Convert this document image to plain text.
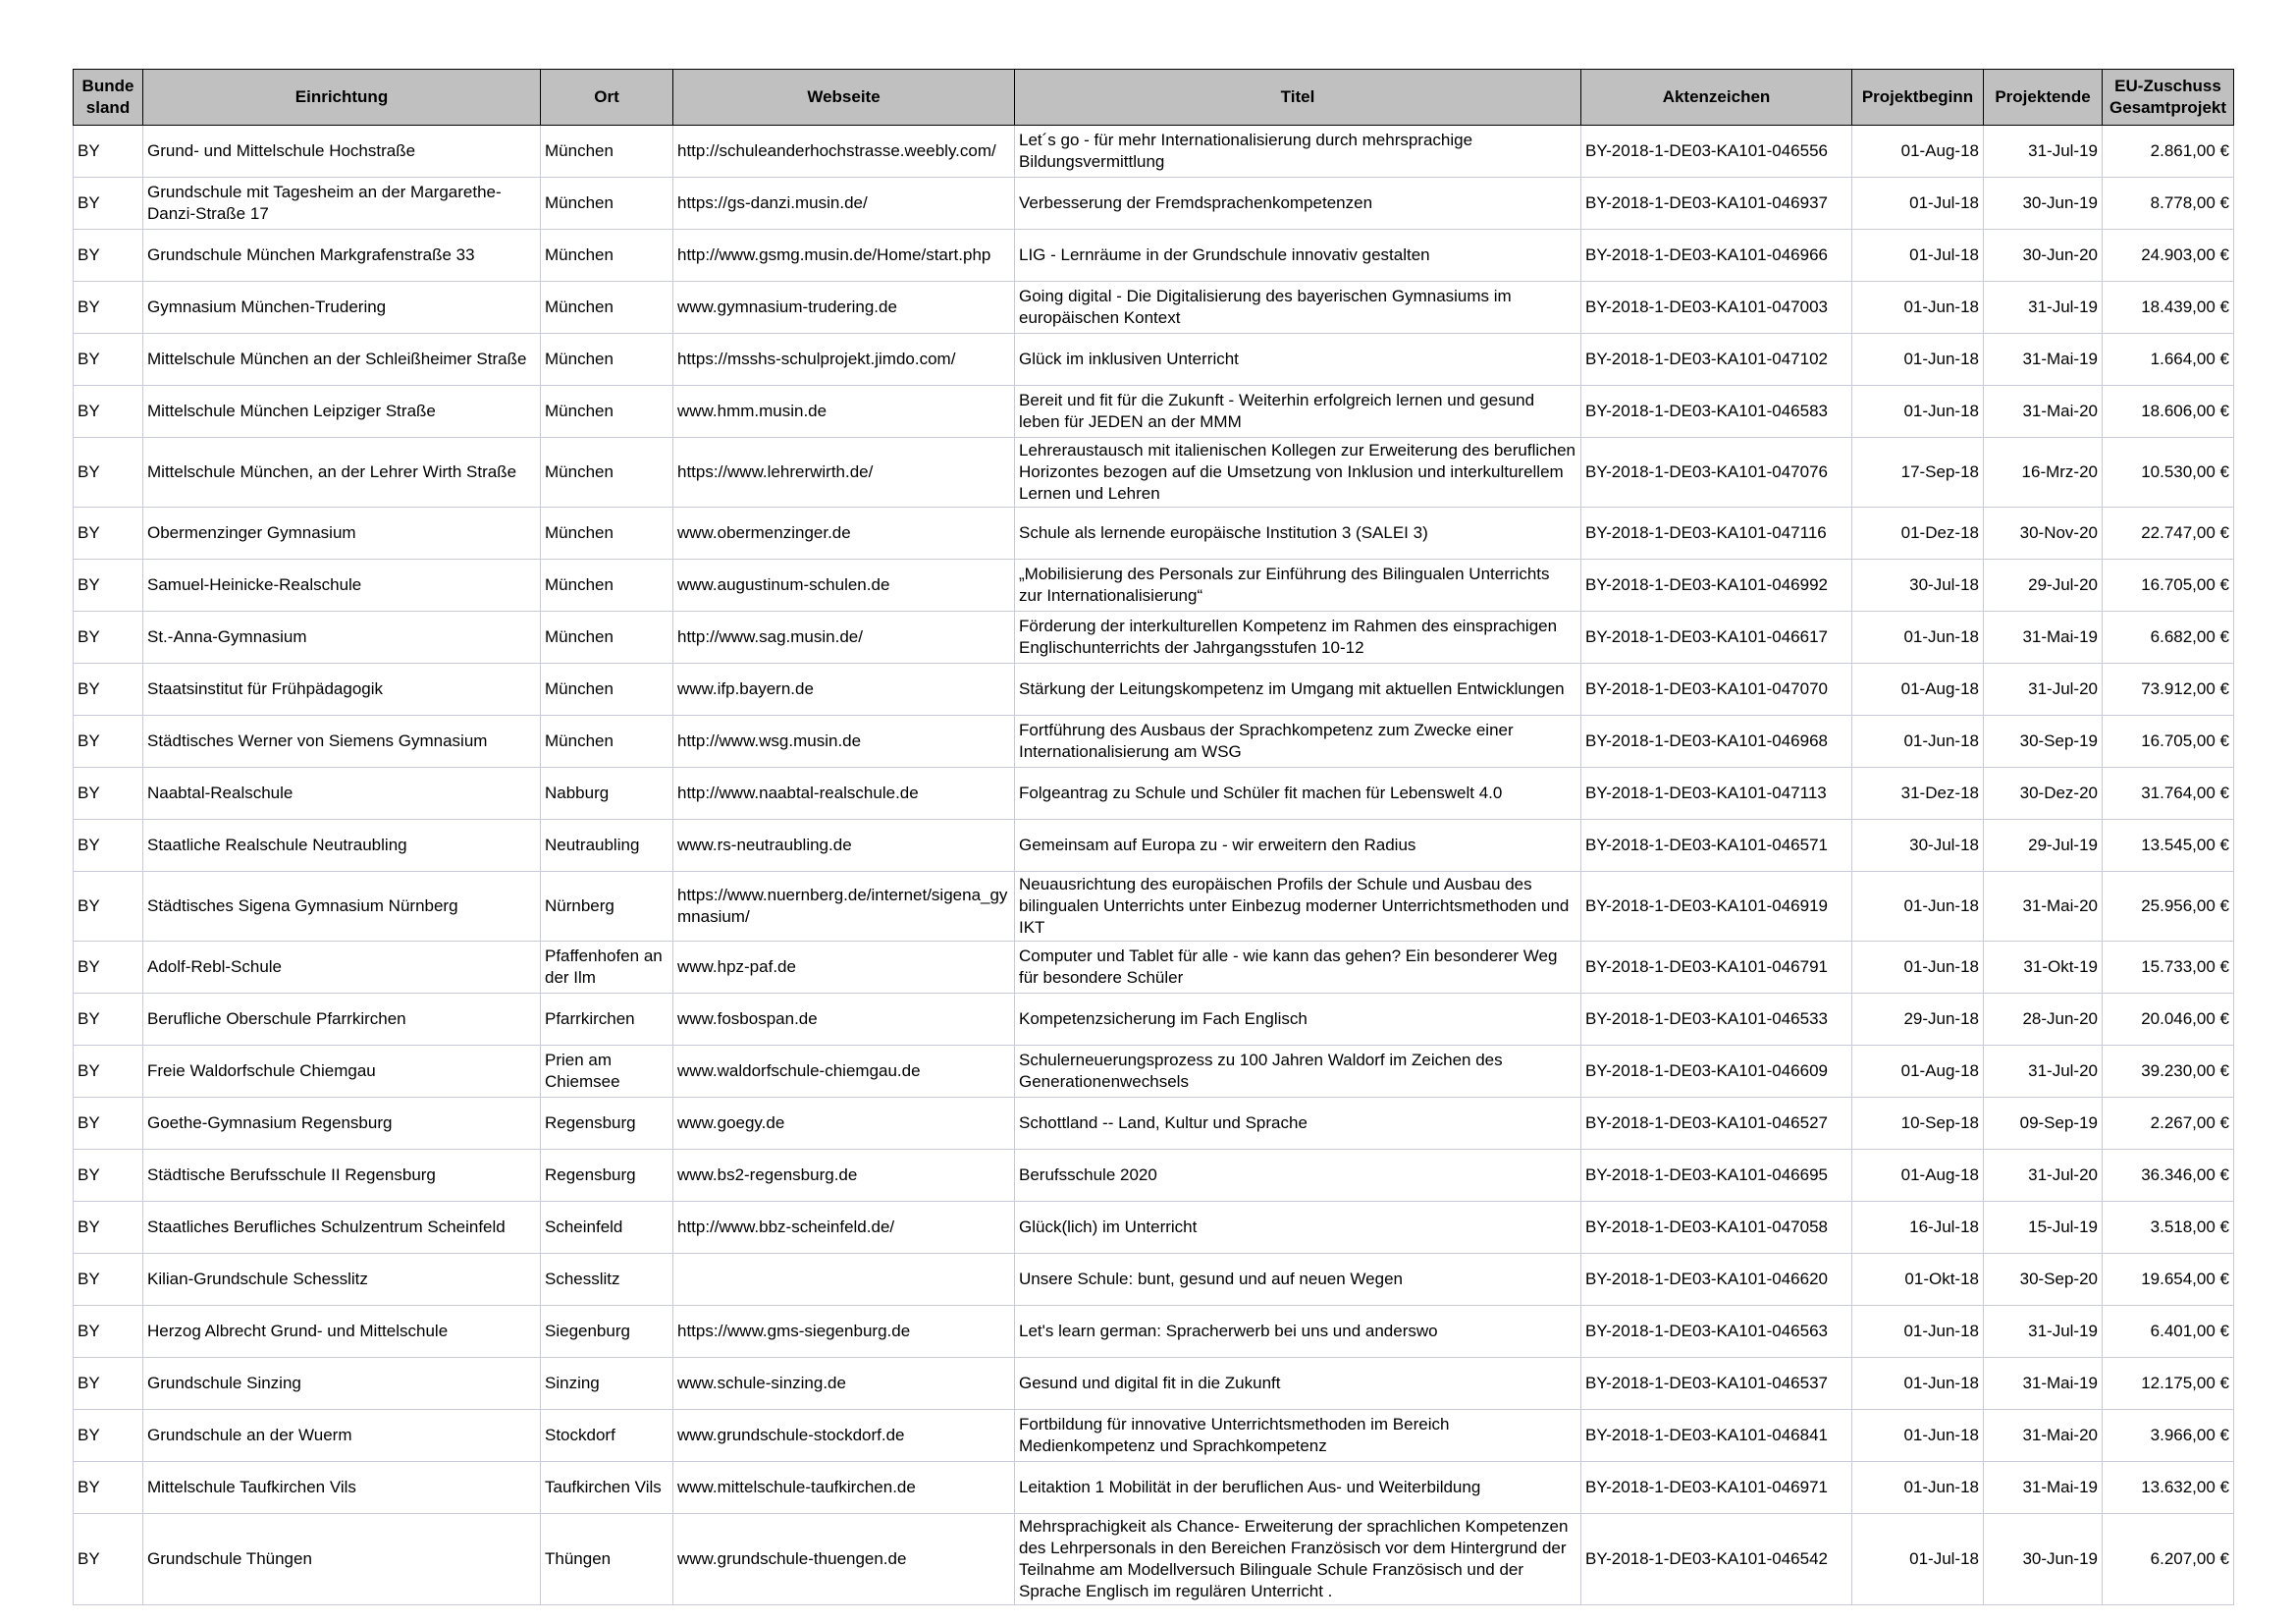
Bunde sland	Einrichtung	Ort	Webseite	Titel	Aktenzeichen	Projektbeginn	Projektende	EU-Zuschuss Gesamtprojekt
BY	Grund- und Mittelschule Hochstraße	München	http://schuleanderhochstrasse.weebly.com/	Let´s go - für mehr Internationalisierung durch mehrsprachige Bildungsvermittlung	BY-2018-1-DE03-KA101-046556	01-Aug-18	31-Jul-19	2.861,00 €
BY	Grundschule mit Tagesheim an der Margarethe-Danzi-Straße 17	München	https://gs-danzi.musin.de/	Verbesserung der Fremdsprachenkompetenzen	BY-2018-1-DE03-KA101-046937	01-Jul-18	30-Jun-19	8.778,00 €
BY	Grundschule München Markgrafenstraße 33	München	http://www.gsmg.musin.de/Home/start.php	LIG - Lernräume in der Grundschule innovativ gestalten	BY-2018-1-DE03-KA101-046966	01-Jul-18	30-Jun-20	24.903,00 €
BY	Gymnasium München-Trudering	München	www.gymnasium-trudering.de	Going digital - Die Digitalisierung des bayerischen Gymnasiums im europäischen Kontext	BY-2018-1-DE03-KA101-047003	01-Jun-18	31-Jul-19	18.439,00 €
BY	Mittelschule München an der Schleißheimer Straße	München	https://msshs-schulprojekt.jimdo.com/	Glück im inklusiven Unterricht	BY-2018-1-DE03-KA101-047102	01-Jun-18	31-Mai-19	1.664,00 €
BY	Mittelschule München Leipziger Straße	München	www.hmm.musin.de	Bereit und fit für die Zukunft - Weiterhin erfolgreich lernen und gesund leben für JEDEN an der MMM	BY-2018-1-DE03-KA101-046583	01-Jun-18	31-Mai-20	18.606,00 €
BY	Mittelschule München, an der Lehrer Wirth Straße	München	https://www.lehrerwirth.de/	Lehreraustausch mit italienischen Kollegen zur Erweiterung des beruflichen Horizontes bezogen auf die Umsetzung von Inklusion und interkulturellem Lernen und Lehren	BY-2018-1-DE03-KA101-047076	17-Sep-18	16-Mrz-20	10.530,00 €
BY	Obermenzinger Gymnasium	München	www.obermenzinger.de	Schule als lernende europäische Institution 3 (SALEI 3)	BY-2018-1-DE03-KA101-047116	01-Dez-18	30-Nov-20	22.747,00 €
BY	Samuel-Heinicke-Realschule	München	www.augustinum-schulen.de	„Mobilisierung des Personals zur Einführung des Bilingualen Unterrichts zur Internationalisierung“	BY-2018-1-DE03-KA101-046992	30-Jul-18	29-Jul-20	16.705,00 €
BY	St.-Anna-Gymnasium	München	http://www.sag.musin.de/	Förderung der interkulturellen Kompetenz im Rahmen des einsprachigen Englischunterrichts der Jahrgangsstufen 10-12	BY-2018-1-DE03-KA101-046617	01-Jun-18	31-Mai-19	6.682,00 €
BY	Staatsinstitut für Frühpädagogik	München	www.ifp.bayern.de	Stärkung der Leitungskompetenz im Umgang mit aktuellen Entwicklungen	BY-2018-1-DE03-KA101-047070	01-Aug-18	31-Jul-20	73.912,00 €
BY	Städtisches Werner von Siemens Gymnasium	München	http://www.wsg.musin.de	Fortführung des Ausbaus der Sprachkompetenz zum Zwecke einer Internationalisierung am WSG	BY-2018-1-DE03-KA101-046968	01-Jun-18	30-Sep-19	16.705,00 €
BY	Naabtal-Realschule	Nabburg	http://www.naabtal-realschule.de	Folgeantrag zu Schule und Schüler fit machen für Lebenswelt 4.0	BY-2018-1-DE03-KA101-047113	31-Dez-18	30-Dez-20	31.764,00 €
BY	Staatliche Realschule Neutraubling	Neutraubling	www.rs-neutraubling.de	Gemeinsam auf Europa zu - wir erweitern den Radius	BY-2018-1-DE03-KA101-046571	30-Jul-18	29-Jul-19	13.545,00 €
BY	Städtisches Sigena Gymnasium Nürnberg	Nürnberg	https://www.nuernberg.de/internet/sigena_gymnasium/	Neuausrichtung des europäischen Profils der Schule und Ausbau des bilingualen Unterrichts unter Einbezug moderner Unterrichtsmethoden und IKT	BY-2018-1-DE03-KA101-046919	01-Jun-18	31-Mai-20	25.956,00 €
BY	Adolf-Rebl-Schule	Pfaffenhofen an der Ilm	www.hpz-paf.de	Computer und Tablet für alle - wie kann das gehen? Ein besonderer Weg für besondere Schüler	BY-2018-1-DE03-KA101-046791	01-Jun-18	31-Okt-19	15.733,00 €
BY	Berufliche Oberschule Pfarrkirchen	Pfarrkirchen	www.fosbospan.de	Kompetenzsicherung im Fach Englisch	BY-2018-1-DE03-KA101-046533	29-Jun-18	28-Jun-20	20.046,00 €
BY	Freie Waldorfschule Chiemgau	Prien am Chiemsee	www.waldorfschule-chiemgau.de	Schulerneuerungsprozess zu 100 Jahren Waldorf im Zeichen des Generationenwechsels	BY-2018-1-DE03-KA101-046609	01-Aug-18	31-Jul-20	39.230,00 €
BY	Goethe-Gymnasium Regensburg	Regensburg	www.goegy.de	Schottland -- Land, Kultur und Sprache	BY-2018-1-DE03-KA101-046527	10-Sep-18	09-Sep-19	2.267,00 €
BY	Städtische Berufsschule II Regensburg	Regensburg	www.bs2-regensburg.de	Berufsschule 2020	BY-2018-1-DE03-KA101-046695	01-Aug-18	31-Jul-20	36.346,00 €
BY	Staatliches Berufliches Schulzentrum Scheinfeld	Scheinfeld	http://www.bbz-scheinfeld.de/	Glück(lich) im Unterricht	BY-2018-1-DE03-KA101-047058	16-Jul-18	15-Jul-19	3.518,00 €
BY	Kilian-Grundschule Schesslitz	Schesslitz		Unsere Schule: bunt, gesund und auf neuen Wegen	BY-2018-1-DE03-KA101-046620	01-Okt-18	30-Sep-20	19.654,00 €
BY	Herzog Albrecht Grund- und Mittelschule	Siegenburg	https://www.gms-siegenburg.de	Let's learn german: Spracherwerb bei uns und anderswo	BY-2018-1-DE03-KA101-046563	01-Jun-18	31-Jul-19	6.401,00 €
BY	Grundschule Sinzing	Sinzing	www.schule-sinzing.de	Gesund und digital fit in die Zukunft	BY-2018-1-DE03-KA101-046537	01-Jun-18	31-Mai-19	12.175,00 €
BY	Grundschule an der Wuerm	Stockdorf	www.grundschule-stockdorf.de	Fortbildung für innovative Unterrichtsmethoden im Bereich Medienkompetenz und Sprachkompetenz	BY-2018-1-DE03-KA101-046841	01-Jun-18	31-Mai-20	3.966,00 €
BY	Mittelschule Taufkirchen Vils	Taufkirchen Vils	www.mittelschule-taufkirchen.de	Leitaktion 1 Mobilität in der beruflichen Aus- und Weiterbildung	BY-2018-1-DE03-KA101-046971	01-Jun-18	31-Mai-19	13.632,00 €
BY	Grundschule Thüngen	Thüngen	www.grundschule-thuengen.de	Mehrsprachigkeit als Chance- Erweiterung der sprachlichen Kompetenzen des Lehrpersonals in den Bereichen Französisch vor dem Hintergrund der Teilnahme am Modellversuch Bilinguale Schule Französisch und der Sprache Englisch im regulären Unterricht .	BY-2018-1-DE03-KA101-046542	01-Jul-18	30-Jun-19	6.207,00 €
